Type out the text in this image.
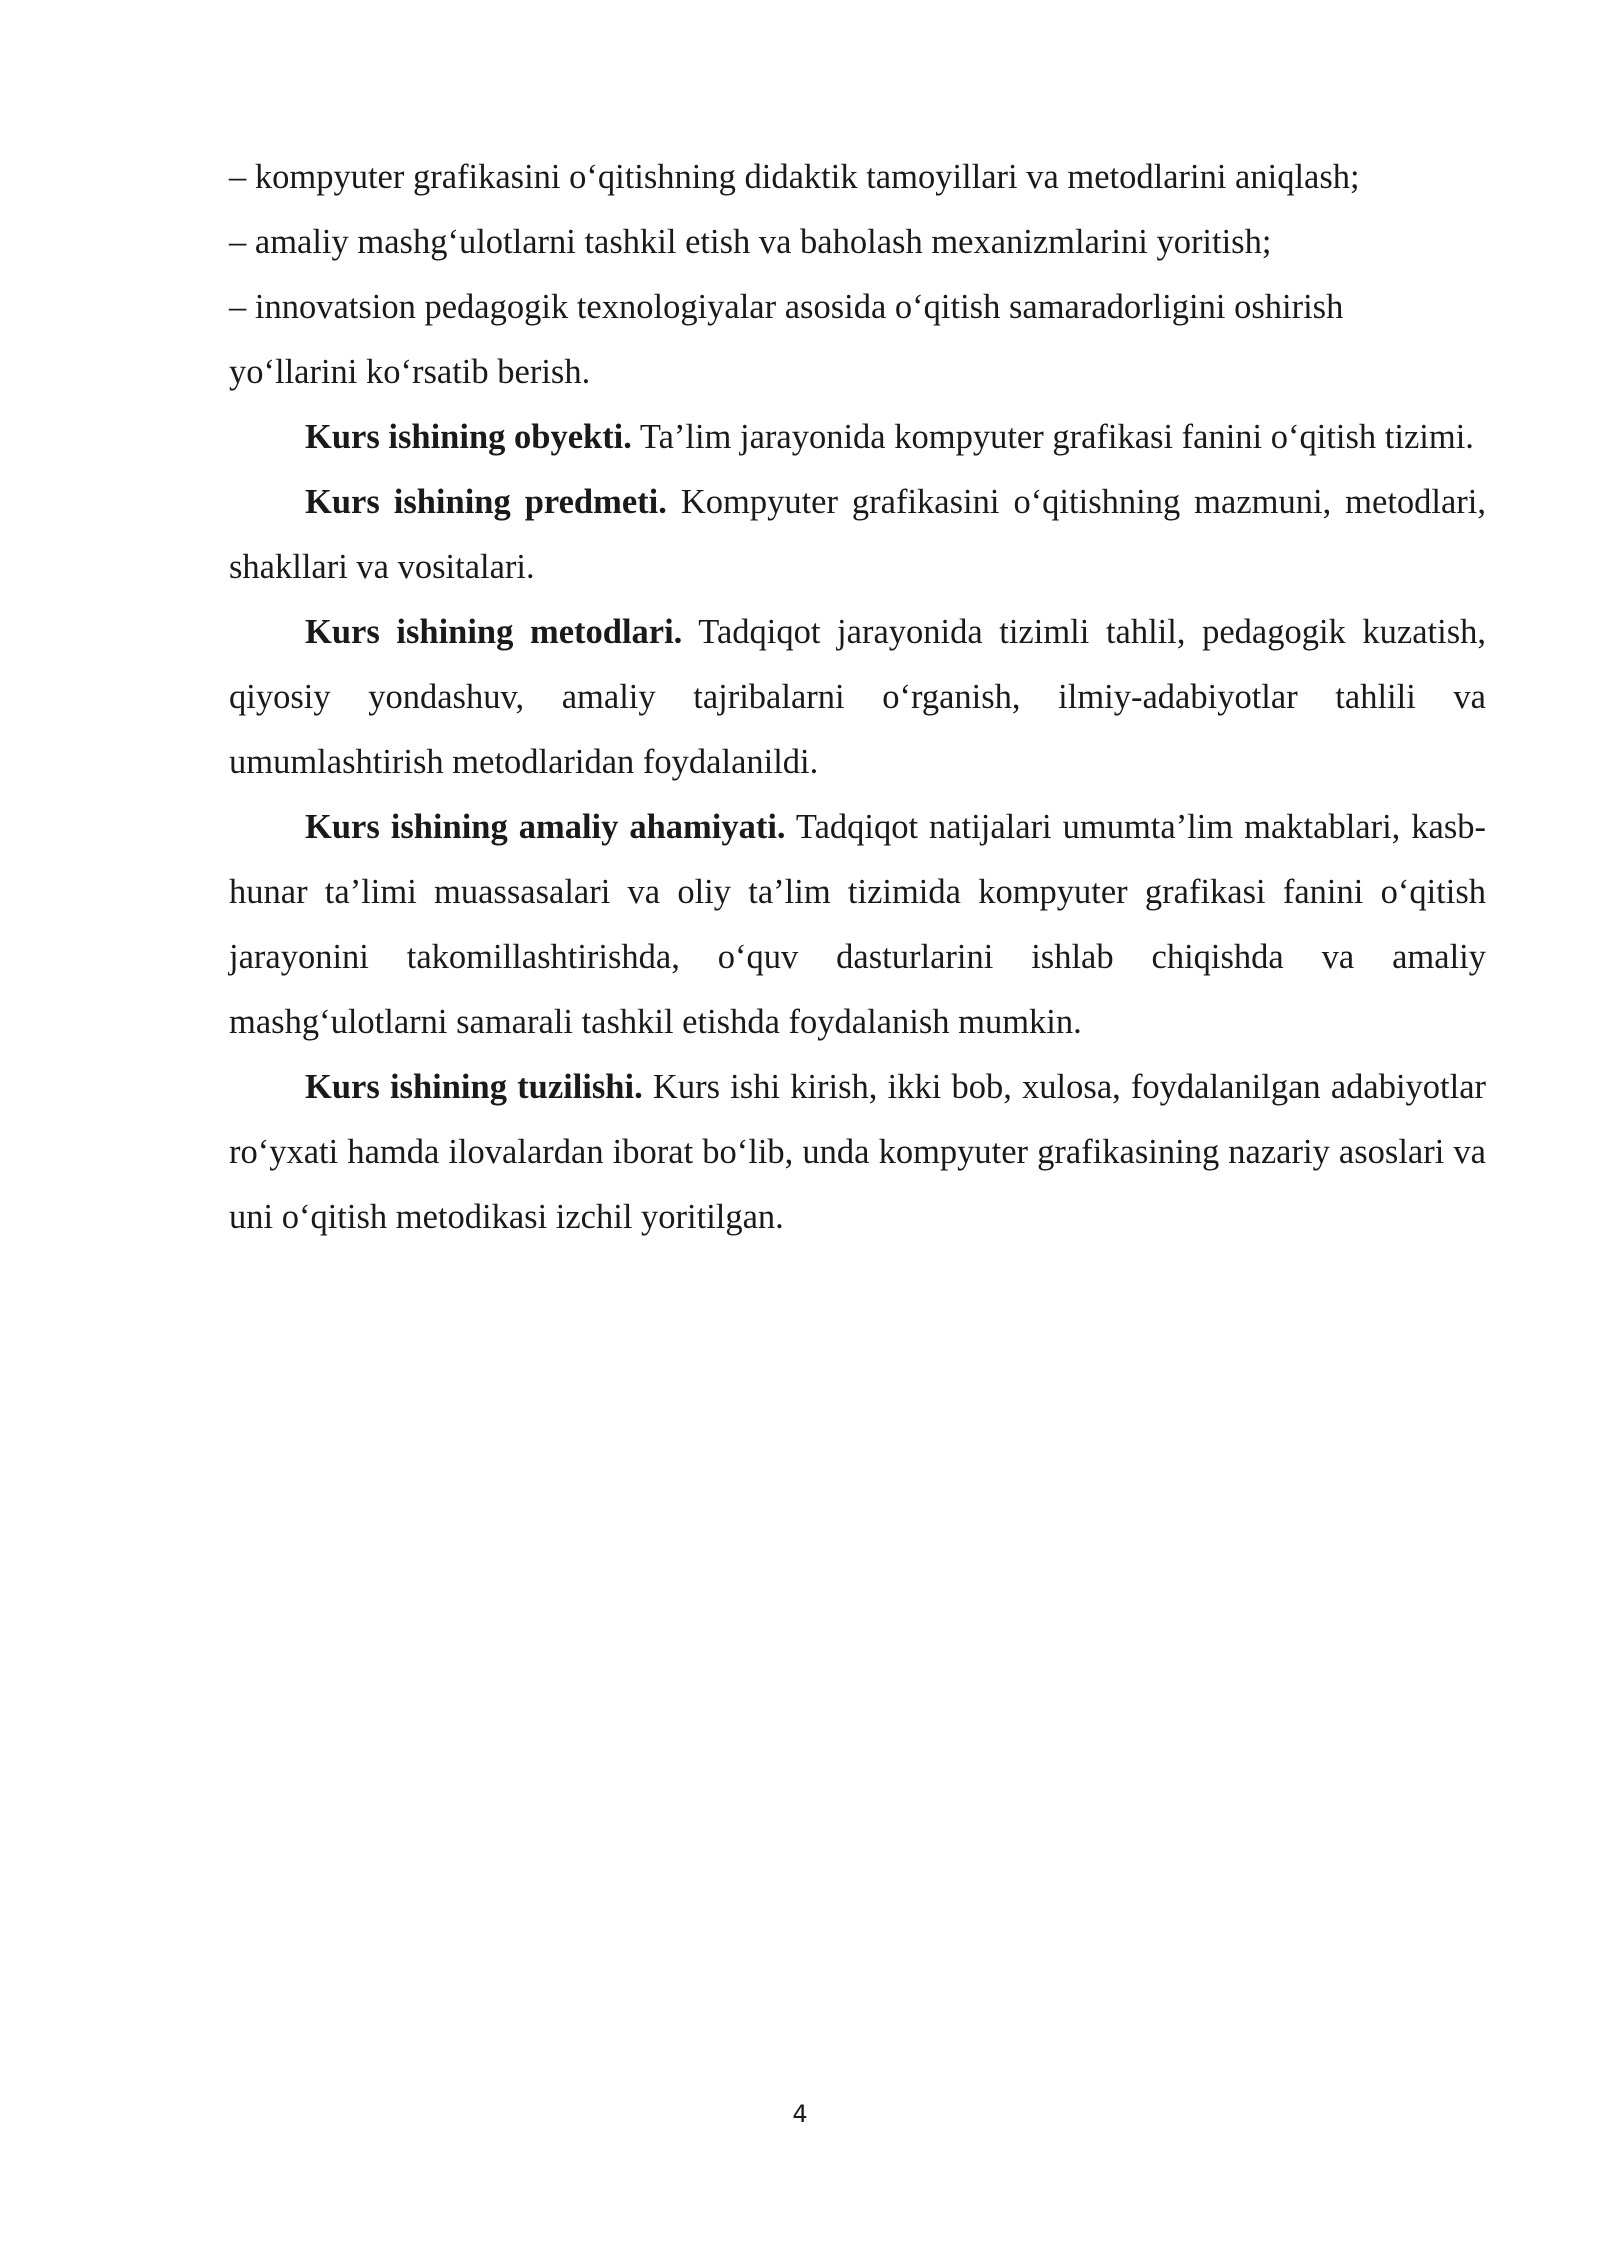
– kompyuter grafikasini o‘qitishning didaktik tamoyillari va metodlarini aniqlash;

– amaliy mashg‘ulotlarni tashkil etish va baholash mexanizmlarini yoritish;

– innovatsion pedagogik texnologiyalar asosida o‘qitish samaradorligini oshirish yo‘llarini ko‘rsatib berish.

Kurs ishining obyekti. Ta’lim jarayonida kompyuter grafikasi fanini o‘qitish tizimi.

Kurs ishining predmeti. Kompyuter grafikasini o‘qitishning mazmuni, metodlari, shakllari va vositalari.

Kurs ishining metodlari. Tadqiqot jarayonida tizimli tahlil, pedagogik kuzatish, qiyosiy yondashuv, amaliy tajribalarni o‘rganish, ilmiy-adabiyotlar tahlili va umumlashtirish metodlaridan foydalanildi.

Kurs ishining amaliy ahamiyati. Tadqiqot natijalari umumta’lim maktablari, kasb-hunar ta’limi muassasalari va oliy ta’lim tizimida kompyuter grafikasi fanini o‘qitish jarayonini takomillashtirishda, o‘quv dasturlarini ishlab chiqishda va amaliy mashg‘ulotlarni samarali tashkil etishda foydalanish mumkin.

Kurs ishining tuzilishi. Kurs ishi kirish, ikki bob, xulosa, foydalanilgan adabiyotlar ro‘yxati hamda ilovalardan iborat bo‘lib, unda kompyuter grafikasining nazariy asoslari va uni o‘qitish metodikasi izchil yoritilgan.

4
